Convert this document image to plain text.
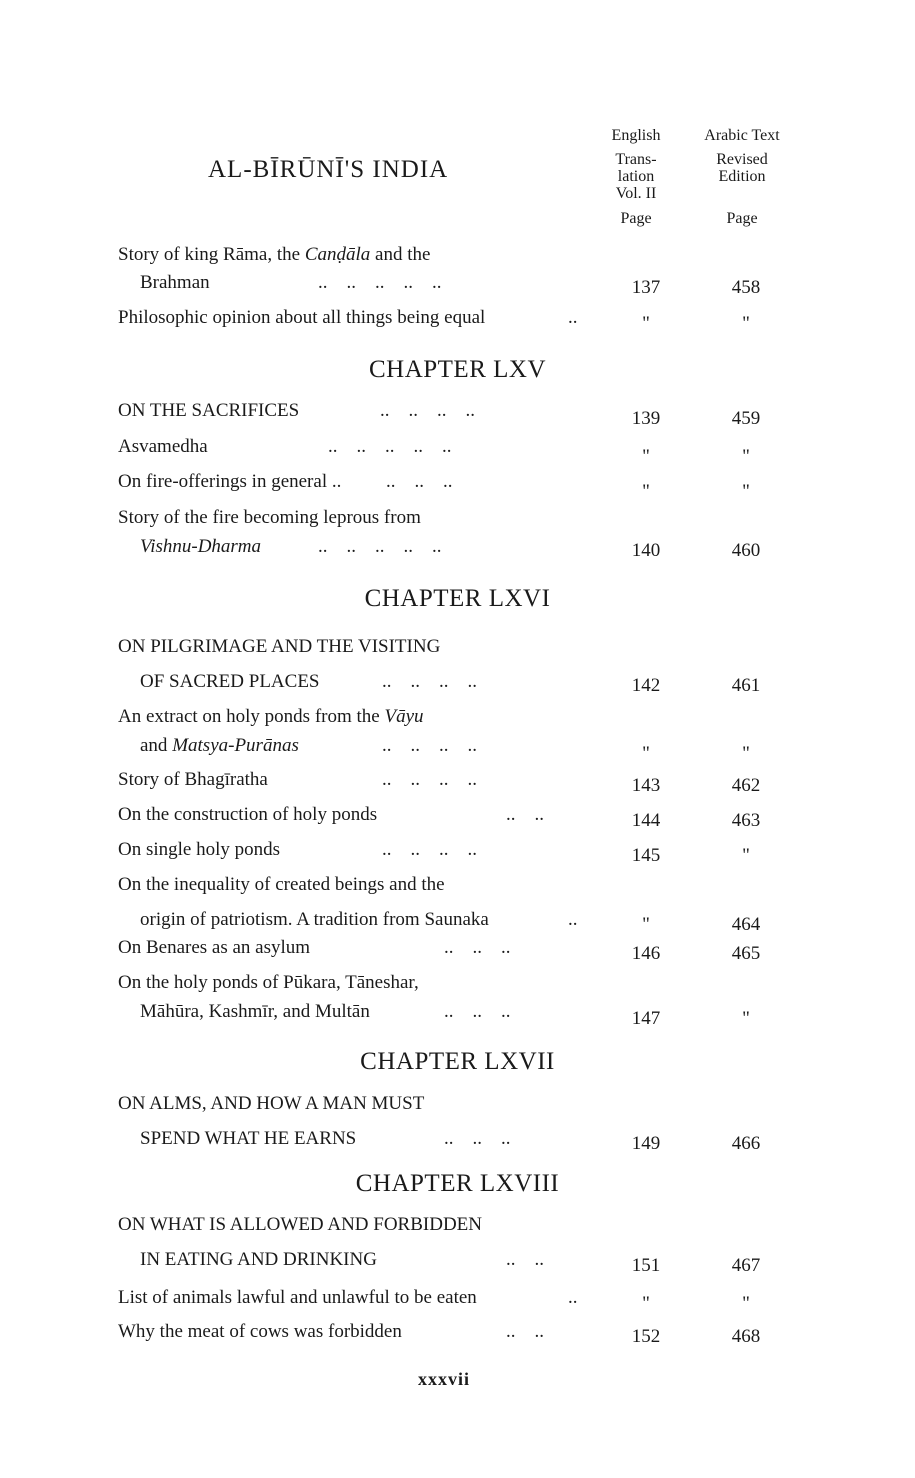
AL-BĪRŪNĪ'S INDIA
English
Trans-
lation
Vol. II
Page
Arabic Text
Revised
Edition
Page
Story of king Rāma, the Canḍāla and the
Brahman	..    ..    ..    ..    ..	137	458
Philosophic opinion about all things being equal	..	"	"
CHAPTER LXV
ON THE SACRIFICES	..    ..    ..    ..	139	459
Asvamedha	..    ..    ..    ..    ..	"	"
On fire-offerings in general .. ..    ..    ..	"	"
Story of the fire becoming leprous from
Vishnu-Dharma	..    ..    ..    ..    ..	140	460
CHAPTER LXVI
ON PILGRIMAGE AND THE VISITING
OF SACRED PLACES	..    ..    ..    ..	142	461
An extract on holy ponds from the Vāyu
and Matsya-Purānas	..    ..    ..    ..	"	"
Story of Bhagīratha	..    ..    ..    ..	143	462
On the construction of holy ponds	..    ..	144	463
On single holy ponds	..    ..    ..    ..	145	"
On the inequality of created beings and the
origin of patriotism. A tradition from Saunaka	..	"	464
On Benares as an asylum	..    ..    ..	146	465
On the holy ponds of Pūkara, Tāneshar,
Māhūra, Kashmīr, and Multān	..    ..    ..	147	"
CHAPTER LXVII
ON ALMS, AND HOW A MAN MUST
SPEND WHAT HE EARNS	..    ..    ..	149	466
CHAPTER LXVIII
ON WHAT IS ALLOWED AND FORBIDDEN
IN EATING AND DRINKING	..    ..	151	467
List of animals lawful and unlawful to be eaten	..	"	"
Why the meat of cows was forbidden	..    ..	152	468
xxxvii
